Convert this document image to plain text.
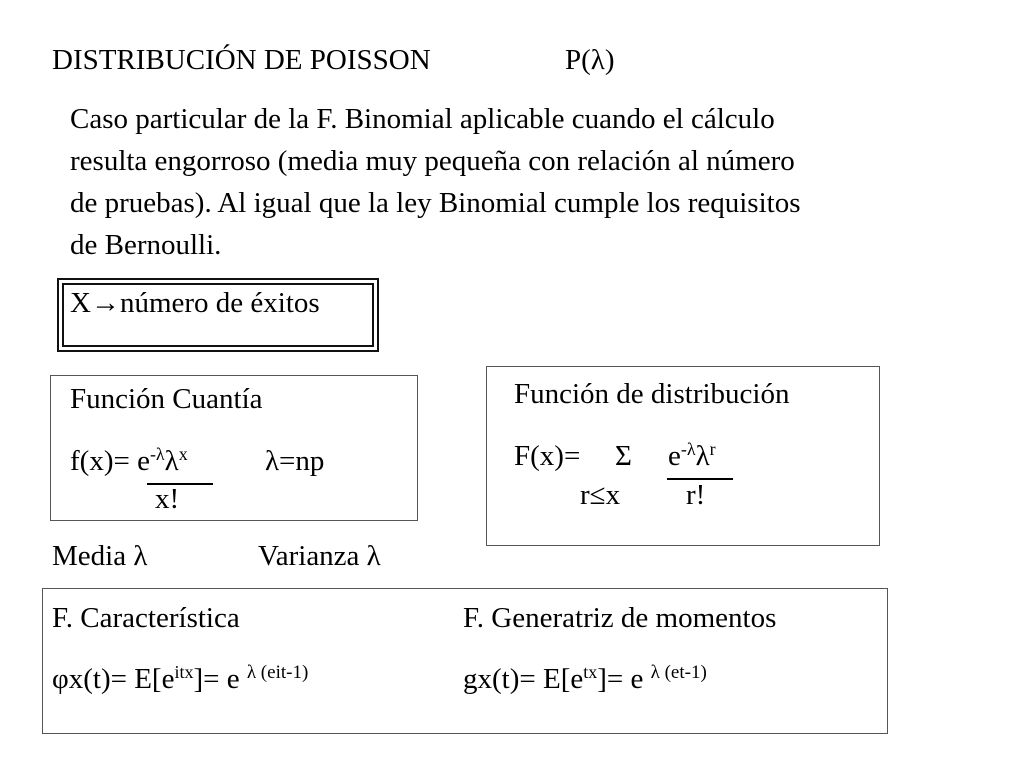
DISTRIBUCIÓN DE POISSON	P(λ)
Caso particular de la F. Binomial aplicable cuando el cálculo
resulta engorroso (media muy pequeña con relación al número
de pruebas). Al igual que la ley Binomial cumple los requisitos
de Bernoulli.
X→número de éxitos
Función Cuantía
$f(x)= e^{-\lambda}\lambda^x$
x!
λ=np
Función de distribución
F(x)= Σ $e^{-\lambda}\lambda^r$
r≤x r!
Media λ	Varianza λ
F. Característica
$\varphi x(t)= E[e^{itx}]= e$ $^{\lambda (eit-1)}$
F. Generatriz de momentos
$gx(t)= E[e^{tx}]= e$ $^{\lambda (et-1)}$
